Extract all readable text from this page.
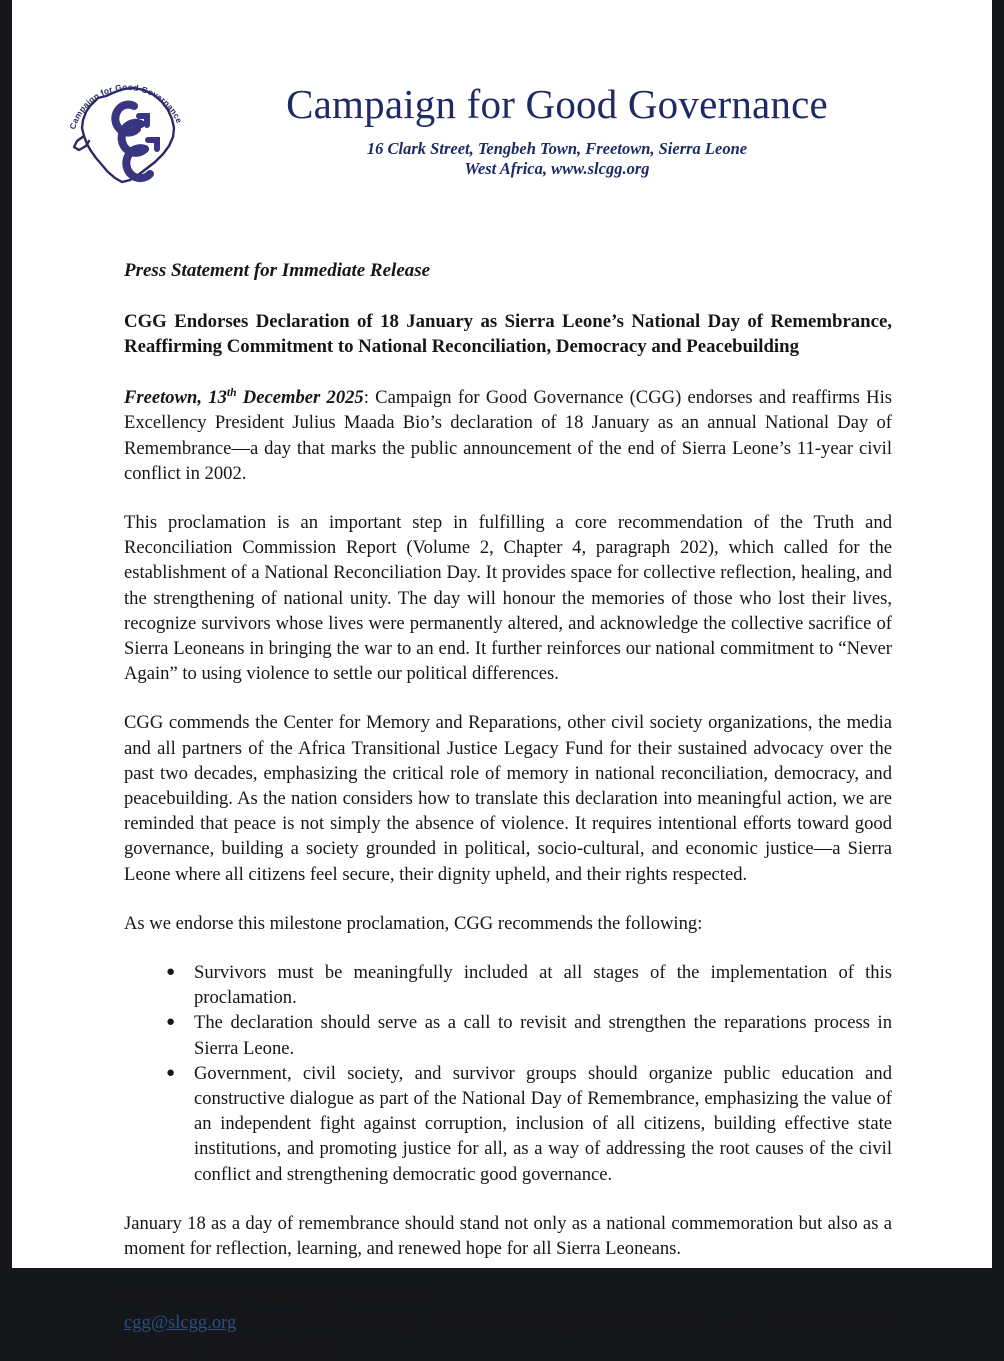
Campaign for Good Governance	Campaign for Good Governance
16 Clark Street, Tengbeh Town, Freetown, Sierra Leone
West Africa, www.slcgg.org
Press Statement for Immediate Release
CGG Endorses Declaration of 18 January as Sierra Leone’s National Day of Remembrance, Reaffirming Commitment to National Reconciliation, Democracy and Peacebuilding

Freetown, 13th December 2025: Campaign for Good Governance (CGG) endorses and reaffirms His Excellency President Julius Maada Bio’s declaration of 18 January as an annual National Day of Remembrance—a day that marks the public announcement of the end of Sierra Leone’s 11-year civil conflict in 2002.

This proclamation is an important step in fulfilling a core recommendation of the Truth and Reconciliation Commission Report (Volume 2, Chapter 4, paragraph 202), which called for the establishment of a National Reconciliation Day. It provides space for collective reflection, healing, and the strengthening of national unity. The day will honour the memories of those who lost their lives, recognize survivors whose lives were permanently altered, and acknowledge the collective sacrifice of Sierra Leoneans in bringing the war to an end. It further reinforces our national commitment to “Never Again” to using violence to settle our political differences.

CGG commends the Center for Memory and Reparations, other civil society organizations, the media and all partners of the Africa Transitional Justice Legacy Fund for their sustained advocacy over the past two decades, emphasizing the critical role of memory in national reconciliation, democracy, and peacebuilding. As the nation considers how to translate this declaration into meaningful action, we are reminded that peace is not simply the absence of violence. It requires intentional efforts toward good governance, building a society grounded in political, socio-cultural, and economic justice—a Sierra Leone where all citizens feel secure, their dignity upheld, and their rights respected.

As we endorse this milestone proclamation, CGG recommends the following:

● Survivors must be meaningfully included at all stages of the implementation of this proclamation.
● The declaration should serve as a call to revisit and strengthen the reparations process in Sierra Leone.
● Government, civil society, and survivor groups should organize public education and constructive dialogue as part of the National Day of Remembrance, emphasizing the value of an independent fight against corruption, inclusion of all citizens, building effective state institutions, and promoting justice for all, as a way of addressing the root causes of the civil conflict and strengthening democratic good governance.

January 18 as a day of remembrance should stand not only as a national commemoration but also as a moment for reflection, learning, and renewed hope for all Sierra Leoneans.

For further information, please contact:
cgg@slcgg.org,Marcella Samba-Sesay: +232 76 984 590; Bernadette French: +232 76 622 977Sahr Kendema: +232 76 356 691
